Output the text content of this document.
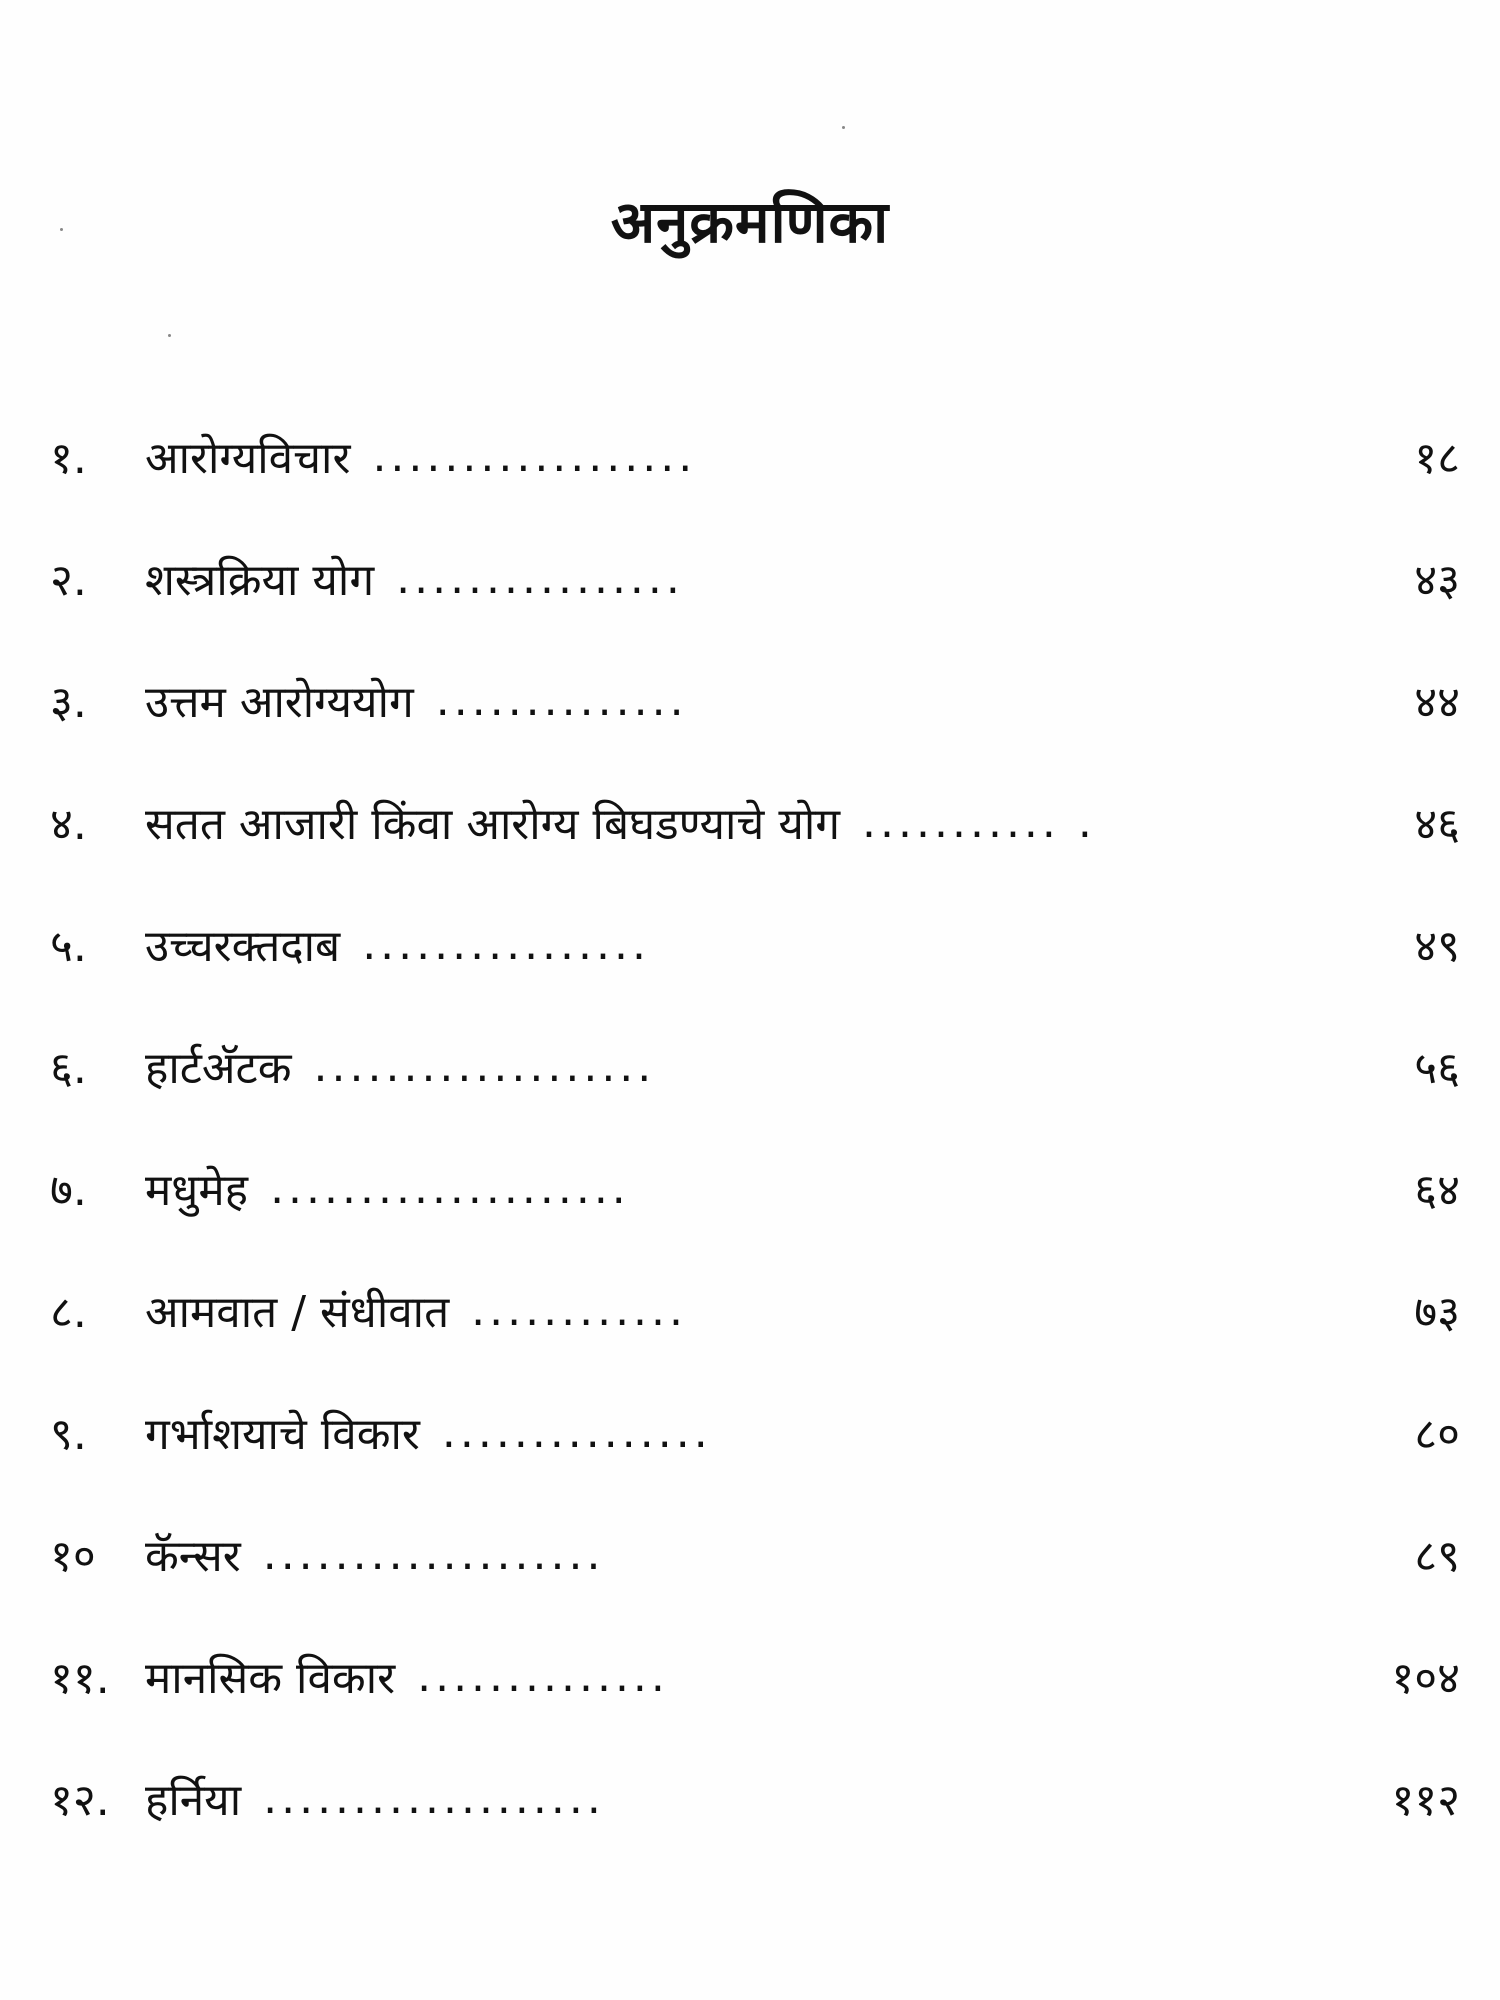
अनुक्रमणिका
१.	आरोग्यविचार ..................	१८
२.	शस्त्रक्रिया योग ................	४३
३.	उत्तम आरोग्ययोग ..............	४४
४.	सतत आजारी किंवा आरोग्य बिघडण्याचे योग ........... .	४६
५.	उच्चरक्तदाब ................	४९
६.	हार्टअ‍ॅटक ...................	५६
७.	मधुमेह ....................	६४
८.	आमवात / संधीवात ............	७३
९.	गर्भाशयाचे विकार ...............	८०
१०	कॅन्सर ...................	८९
११. मानसिक विकार ..............	१०४
१२. हर्निया ...................	११२
